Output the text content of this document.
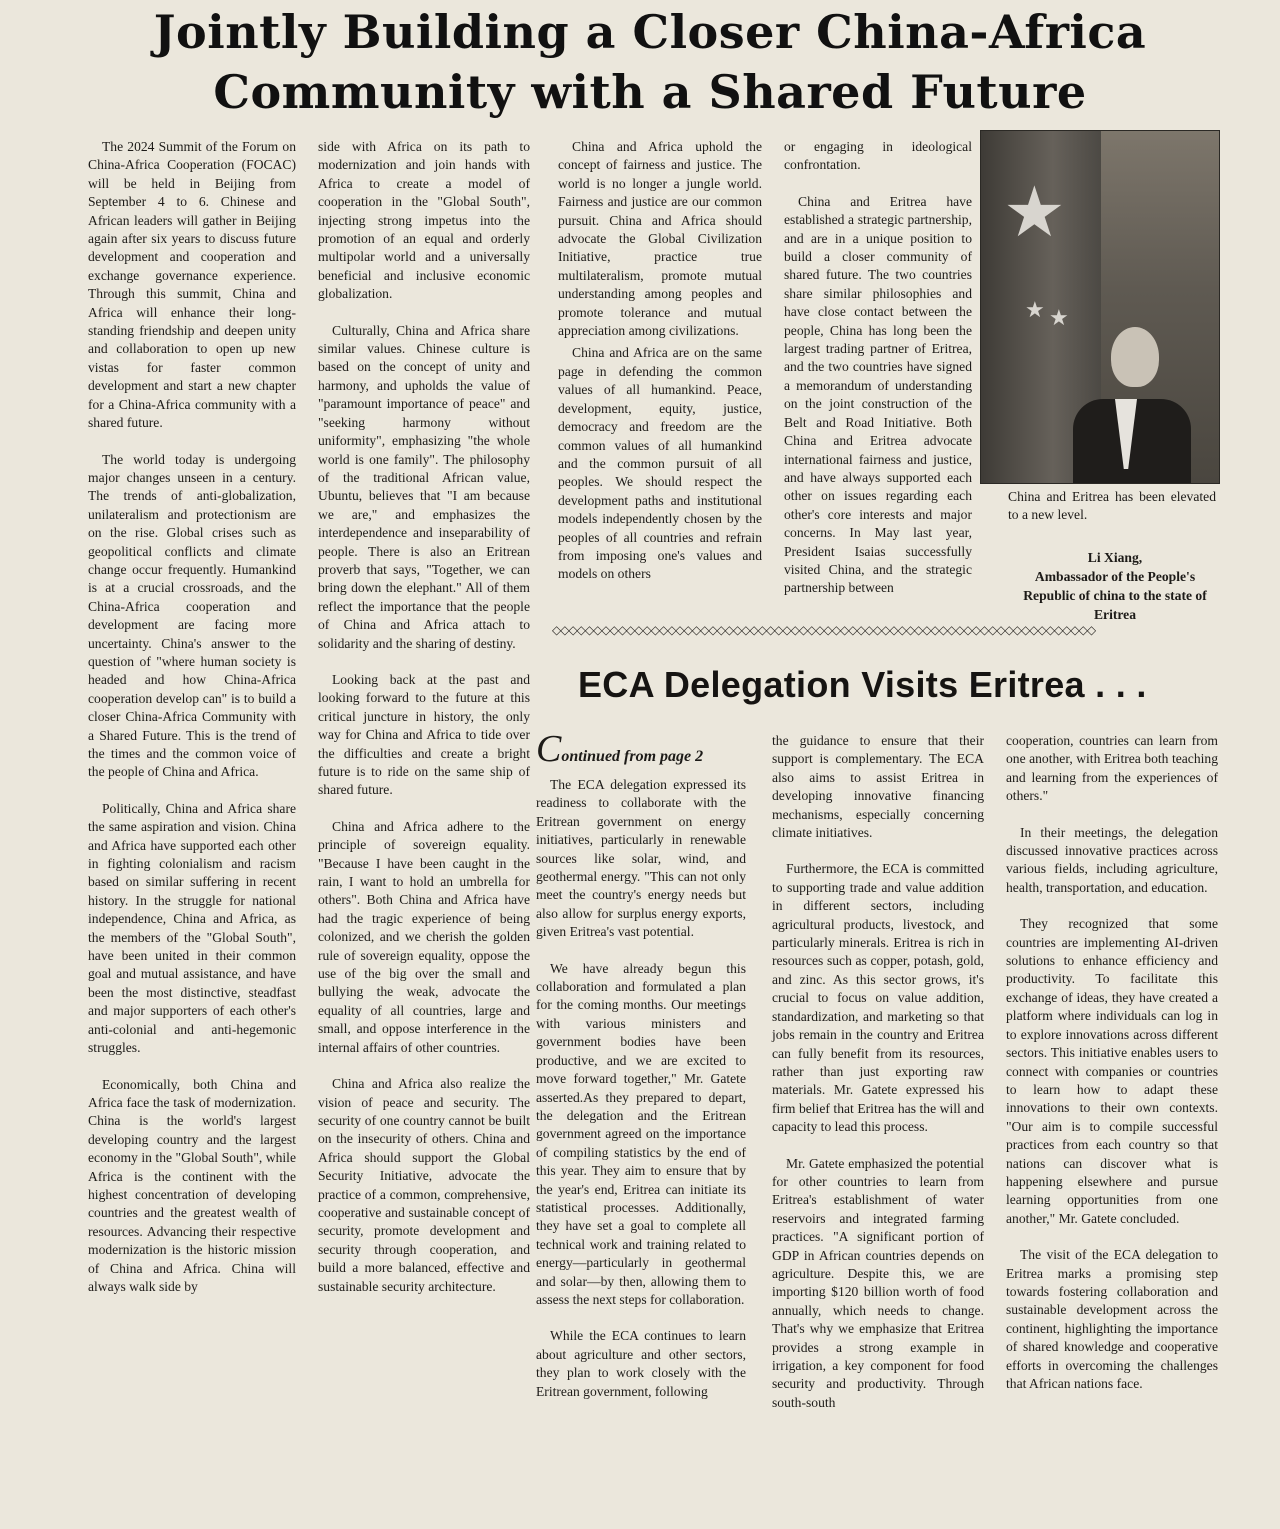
Jointly Building a Closer China-Africa
Community with a Shared Future

The 2024 Summit of the Forum on China-Africa Cooperation (FOCAC) will be held in Beijing from September 4 to 6. Chinese and African leaders will gather in Beijing again after six years to discuss future development and cooperation and exchange governance experience. Through this summit, China and Africa will enhance their long-standing friendship and deepen unity and collaboration to open up new vistas for faster common development and start a new chapter for a China-Africa community with a shared future.

The world today is undergoing major changes unseen in a century. The trends of anti-globalization, unilateralism and protectionism are on the rise. Global crises such as geopolitical conflicts and climate change occur frequently. Humankind is at a crucial crossroads, and the China-Africa cooperation and development are facing more uncertainty. China's answer to the question of "where human society is headed and how China-Africa cooperation develop can" is to build a closer China-Africa Community with a Shared Future. This is the trend of the times and the common voice of the people of China and Africa.

Politically, China and Africa share the same aspiration and vision. China and Africa have supported each other in fighting colonialism and racism based on similar suffering in recent history. In the struggle for national independence, China and Africa, as the members of the "Global South", have been united in their common goal and mutual assistance, and have been the most distinctive, steadfast and major supporters of each other's anti-colonial and anti-hegemonic struggles.

Economically, both China and Africa face the task of modernization. China is the world's largest developing country and the largest economy in the "Global South", while Africa is the continent with the highest concentration of developing countries and the greatest wealth of resources. Advancing their respective modernization is the historic mission of China and Africa. China will always walk side by

side with Africa on its path to modernization and join hands with Africa to create a model of cooperation in the "Global South", injecting strong impetus into the promotion of an equal and orderly multipolar world and a universally beneficial and inclusive economic globalization.

Culturally, China and Africa share similar values. Chinese culture is based on the concept of unity and harmony, and upholds the value of "paramount importance of peace" and "seeking harmony without uniformity", emphasizing "the whole world is one family". The philosophy of the traditional African value, Ubuntu, believes that "I am because we are," and emphasizes the interdependence and inseparability of people. There is also an Eritrean proverb that says, "Together, we can bring down the elephant." All of them reflect the importance that the people of China and Africa attach to solidarity and the sharing of destiny.

Looking back at the past and looking forward to the future at this critical juncture in history, the only way for China and Africa to tide over the difficulties and create a bright future is to ride on the same ship of shared future.

China and Africa adhere to the principle of sovereign equality. "Because I have been caught in the rain, I want to hold an umbrella for others". Both China and Africa have had the tragic experience of being colonized, and we cherish the golden rule of sovereign equality, oppose the use of the big over the small and bullying the weak, advocate the equality of all countries, large and small, and oppose interference in the internal affairs of other countries.

China and Africa also realize the vision of peace and security. The security of one country cannot be built on the insecurity of others. China and Africa should support the Global Security Initiative, advocate the practice of a common, comprehensive, cooperative and sustainable concept of security, promote development and security through cooperation, and build a more balanced, effective and sustainable security architecture.

China and Africa uphold the concept of fairness and justice. The world is no longer a jungle world. Fairness and justice are our common pursuit. China and Africa should advocate the Global Civilization Initiative, practice true multilateralism, promote mutual understanding among peoples and promote tolerance and mutual appreciation among civilizations.

China and Africa are on the same page in defending the common values of all humankind. Peace, development, equity, justice, democracy and freedom are the common values of all humankind and the common pursuit of all peoples. We should respect the development paths and institutional models independently chosen by the peoples of all countries and refrain from imposing one's values and models on others

or engaging in ideological confrontation.

China and Eritrea have established a strategic partnership, and are in a unique position to build a closer community of shared future. The two countries share similar philosophies and have close contact between the people, China has long been the largest trading partner of Eritrea, and the two countries have signed a memorandum of understanding on the joint construction of the Belt and Road Initiative. Both China and Eritrea advocate international fairness and justice, and have always supported each other on issues regarding each other's core interests and major concerns. In May last year, President Isaias successfully visited China, and the strategic partnership between

★
★ ★
China and Eritrea has been elevated to a new level.
Li Xiang,
Ambassador of the People's Republic of china to the state of Eritrea
◇◇◇◇◇◇◇◇◇◇◇◇◇◇◇◇◇◇◇◇◇◇◇◇◇◇◇◇◇◇◇◇◇◇◇◇◇◇◇◇◇◇◇◇◇◇◇◇◇◇◇◇◇◇◇◇◇◇◇◇◇◇◇◇◇◇
ECA Delegation Visits Eritrea . . .
Continued from page 2

The ECA delegation expressed its readiness to collaborate with the Eritrean government on energy initiatives, particularly in renewable sources like solar, wind, and geothermal energy. "This can not only meet the country's energy needs but also allow for surplus energy exports, given Eritrea's vast potential.

We have already begun this collaboration and formulated a plan for the coming months. Our meetings with various ministers and government bodies have been productive, and we are excited to move forward together," Mr. Gatete asserted.As they prepared to depart, the delegation and the Eritrean government agreed on the importance of compiling statistics by the end of this year. They aim to ensure that by the year's end, Eritrea can initiate its statistical processes. Additionally, they have set a goal to complete all technical work and training related to energy—particularly in geothermal and solar—by then, allowing them to assess the next steps for collaboration.

While the ECA continues to learn about agriculture and other sectors, they plan to work closely with the Eritrean government, following

the guidance to ensure that their support is complementary. The ECA also aims to assist Eritrea in developing innovative financing mechanisms, especially concerning climate initiatives.

Furthermore, the ECA is committed to supporting trade and value addition in different sectors, including agricultural products, livestock, and particularly minerals. Eritrea is rich in resources such as copper, potash, gold, and zinc. As this sector grows, it's crucial to focus on value addition, standardization, and marketing so that jobs remain in the country and Eritrea can fully benefit from its resources, rather than just exporting raw materials. Mr. Gatete expressed his firm belief that Eritrea has the will and capacity to lead this process.

Mr. Gatete emphasized the potential for other countries to learn from Eritrea's establishment of water reservoirs and integrated farming practices. "A significant portion of GDP in African countries depends on agriculture. Despite this, we are importing $120 billion worth of food annually, which needs to change. That's why we emphasize that Eritrea provides a strong example in irrigation, a key component for food security and productivity. Through south-south

cooperation, countries can learn from one another, with Eritrea both teaching and learning from the experiences of others."

In their meetings, the delegation discussed innovative practices across various fields, including agriculture, health, transportation, and education.

They recognized that some countries are implementing AI-driven solutions to enhance efficiency and productivity. To facilitate this exchange of ideas, they have created a platform where individuals can log in to explore innovations across different sectors. This initiative enables users to connect with companies or countries to learn how to adapt these innovations to their own contexts. "Our aim is to compile successful practices from each country so that nations can discover what is happening elsewhere and pursue learning opportunities from one another," Mr. Gatete concluded.

The visit of the ECA delegation to Eritrea marks a promising step towards fostering collaboration and sustainable development across the continent, highlighting the importance of shared knowledge and cooperative efforts in overcoming the challenges that African nations face.
